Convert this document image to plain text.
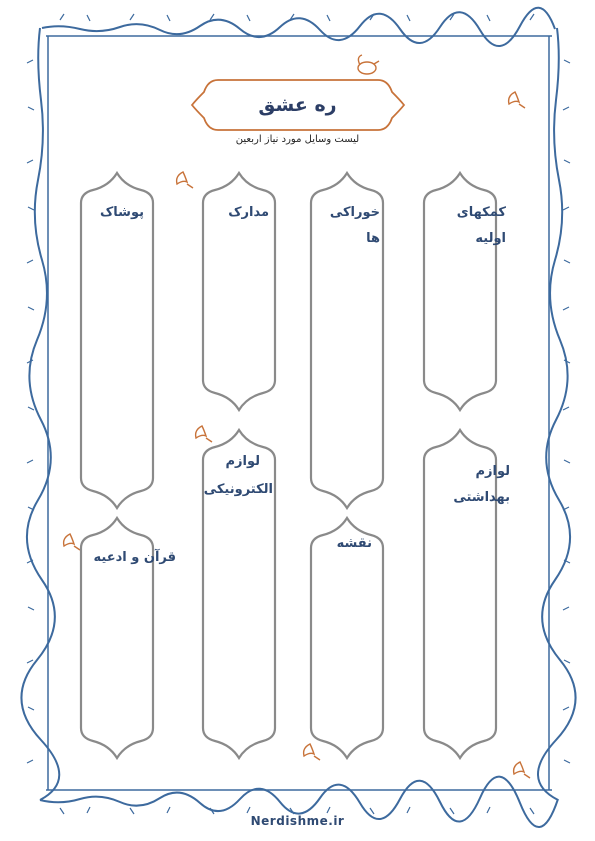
ره عشق
لیست وسایل مورد نیاز اربعین
کمکهای اولیه
خوراکی ها
مدارک
پوشاک
لوازم بهداشتی
لوازم
الکترونیکی
نقشه
قرآن و ادعیه
Nerdishme.ir
